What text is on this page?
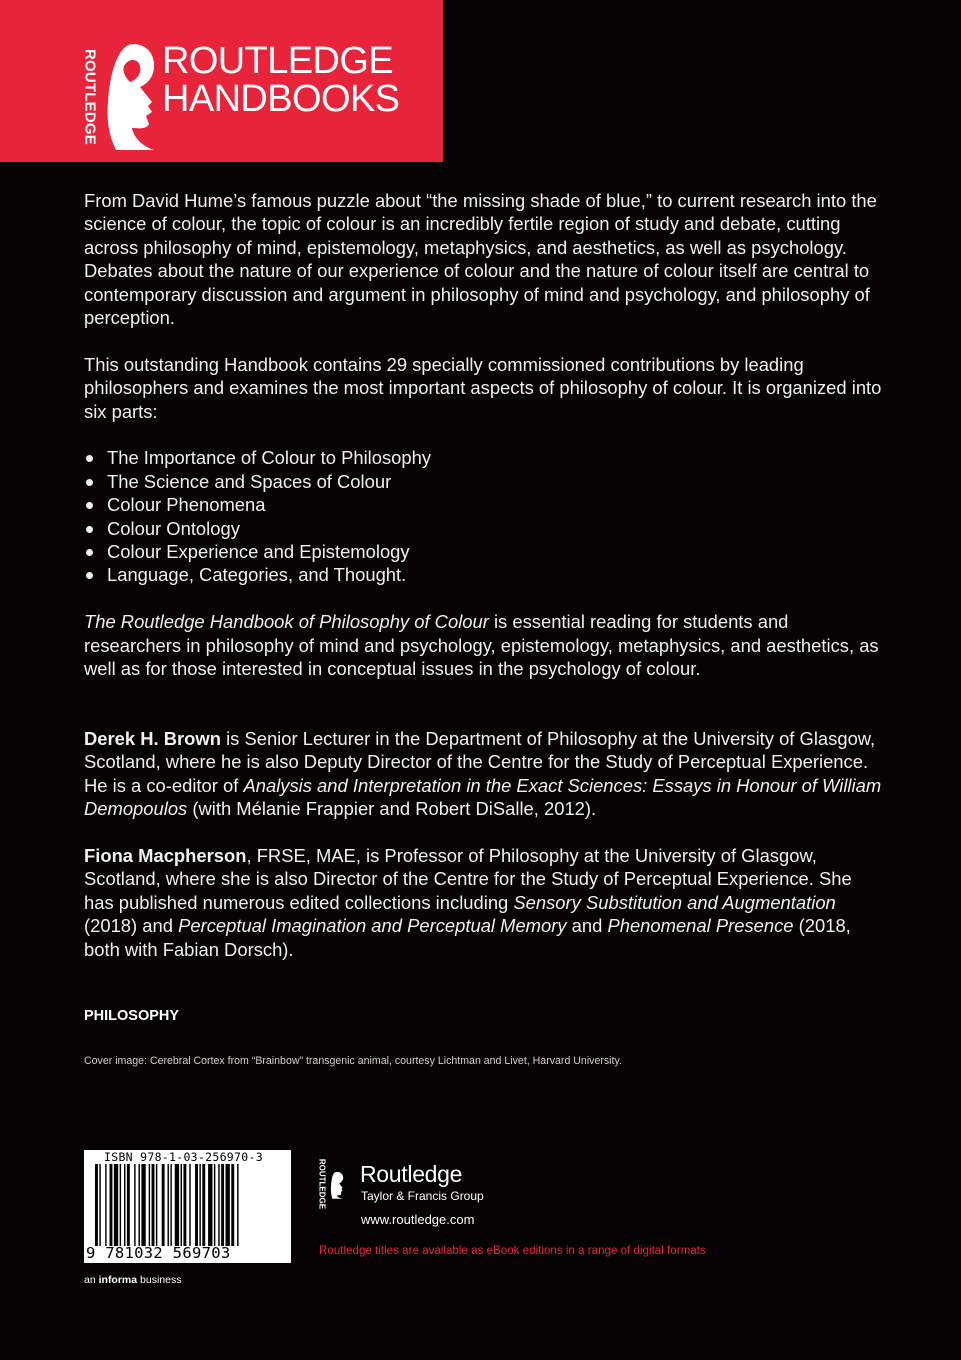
ROUTLEDGE ROUTLEDGE
HANDBOOKS

From David Hume’s famous puzzle about “the missing shade of blue,” to current research into the science of colour, the topic of colour is an incredibly fertile region of study and debate, cutting across philosophy of mind, epistemology, metaphysics, and aesthetics, as well as psychology. Debates about the nature of our experience of colour and the nature of colour itself are central to contemporary discussion and argument in philosophy of mind and psychology, and philosophy of perception.

This outstanding Handbook contains 29 specially commissioned contributions by leading philosophers and examines the most important aspects of philosophy of colour. It is organized into six parts:

The Importance of Colour to Philosophy
The Science and Spaces of Colour
Colour Phenomena
Colour Ontology
Colour Experience and Epistemology
Language, Categories, and Thought.

The Routledge Handbook of Philosophy of Colour is essential reading for students and researchers in philosophy of mind and psychology, epistemology, metaphysics, and aesthetics, as well as for those interested in conceptual issues in the psychology of colour.

Derek H. Brown is Senior Lecturer in the Department of Philosophy at the University of Glasgow, Scotland, where he is also Deputy Director of the Centre for the Study of Perceptual Experience. He is a co-editor of Analysis and Interpretation in the Exact Sciences: Essays in Honour of William Demopoulos (with Mélanie Frappier and Robert DiSalle, 2012).

Fiona Macpherson, FRSE, MAE, is Professor of Philosophy at the University of Glasgow, Scotland, where she is also Director of the Centre for the Study of Perceptual Experience. She has published numerous edited collections including Sensory Substitution and Augmentation (2018) and Perceptual Imagination and Perceptual Memory and Phenomenal Presence (2018, both with Fabian Dorsch).

PHILOSOPHY
Cover image: Cerebral Cortex from “Brainbow” transgenic animal, courtesy Lichtman and Livet, Harvard University.
ISBN 978-1-03-256970-3
9 781032 569703
an informa business
ROUTLEDGE Routledge
Taylor & Francis Group
www.routledge.com
Routledge titles are available as eBook editions in a range of digital formats
